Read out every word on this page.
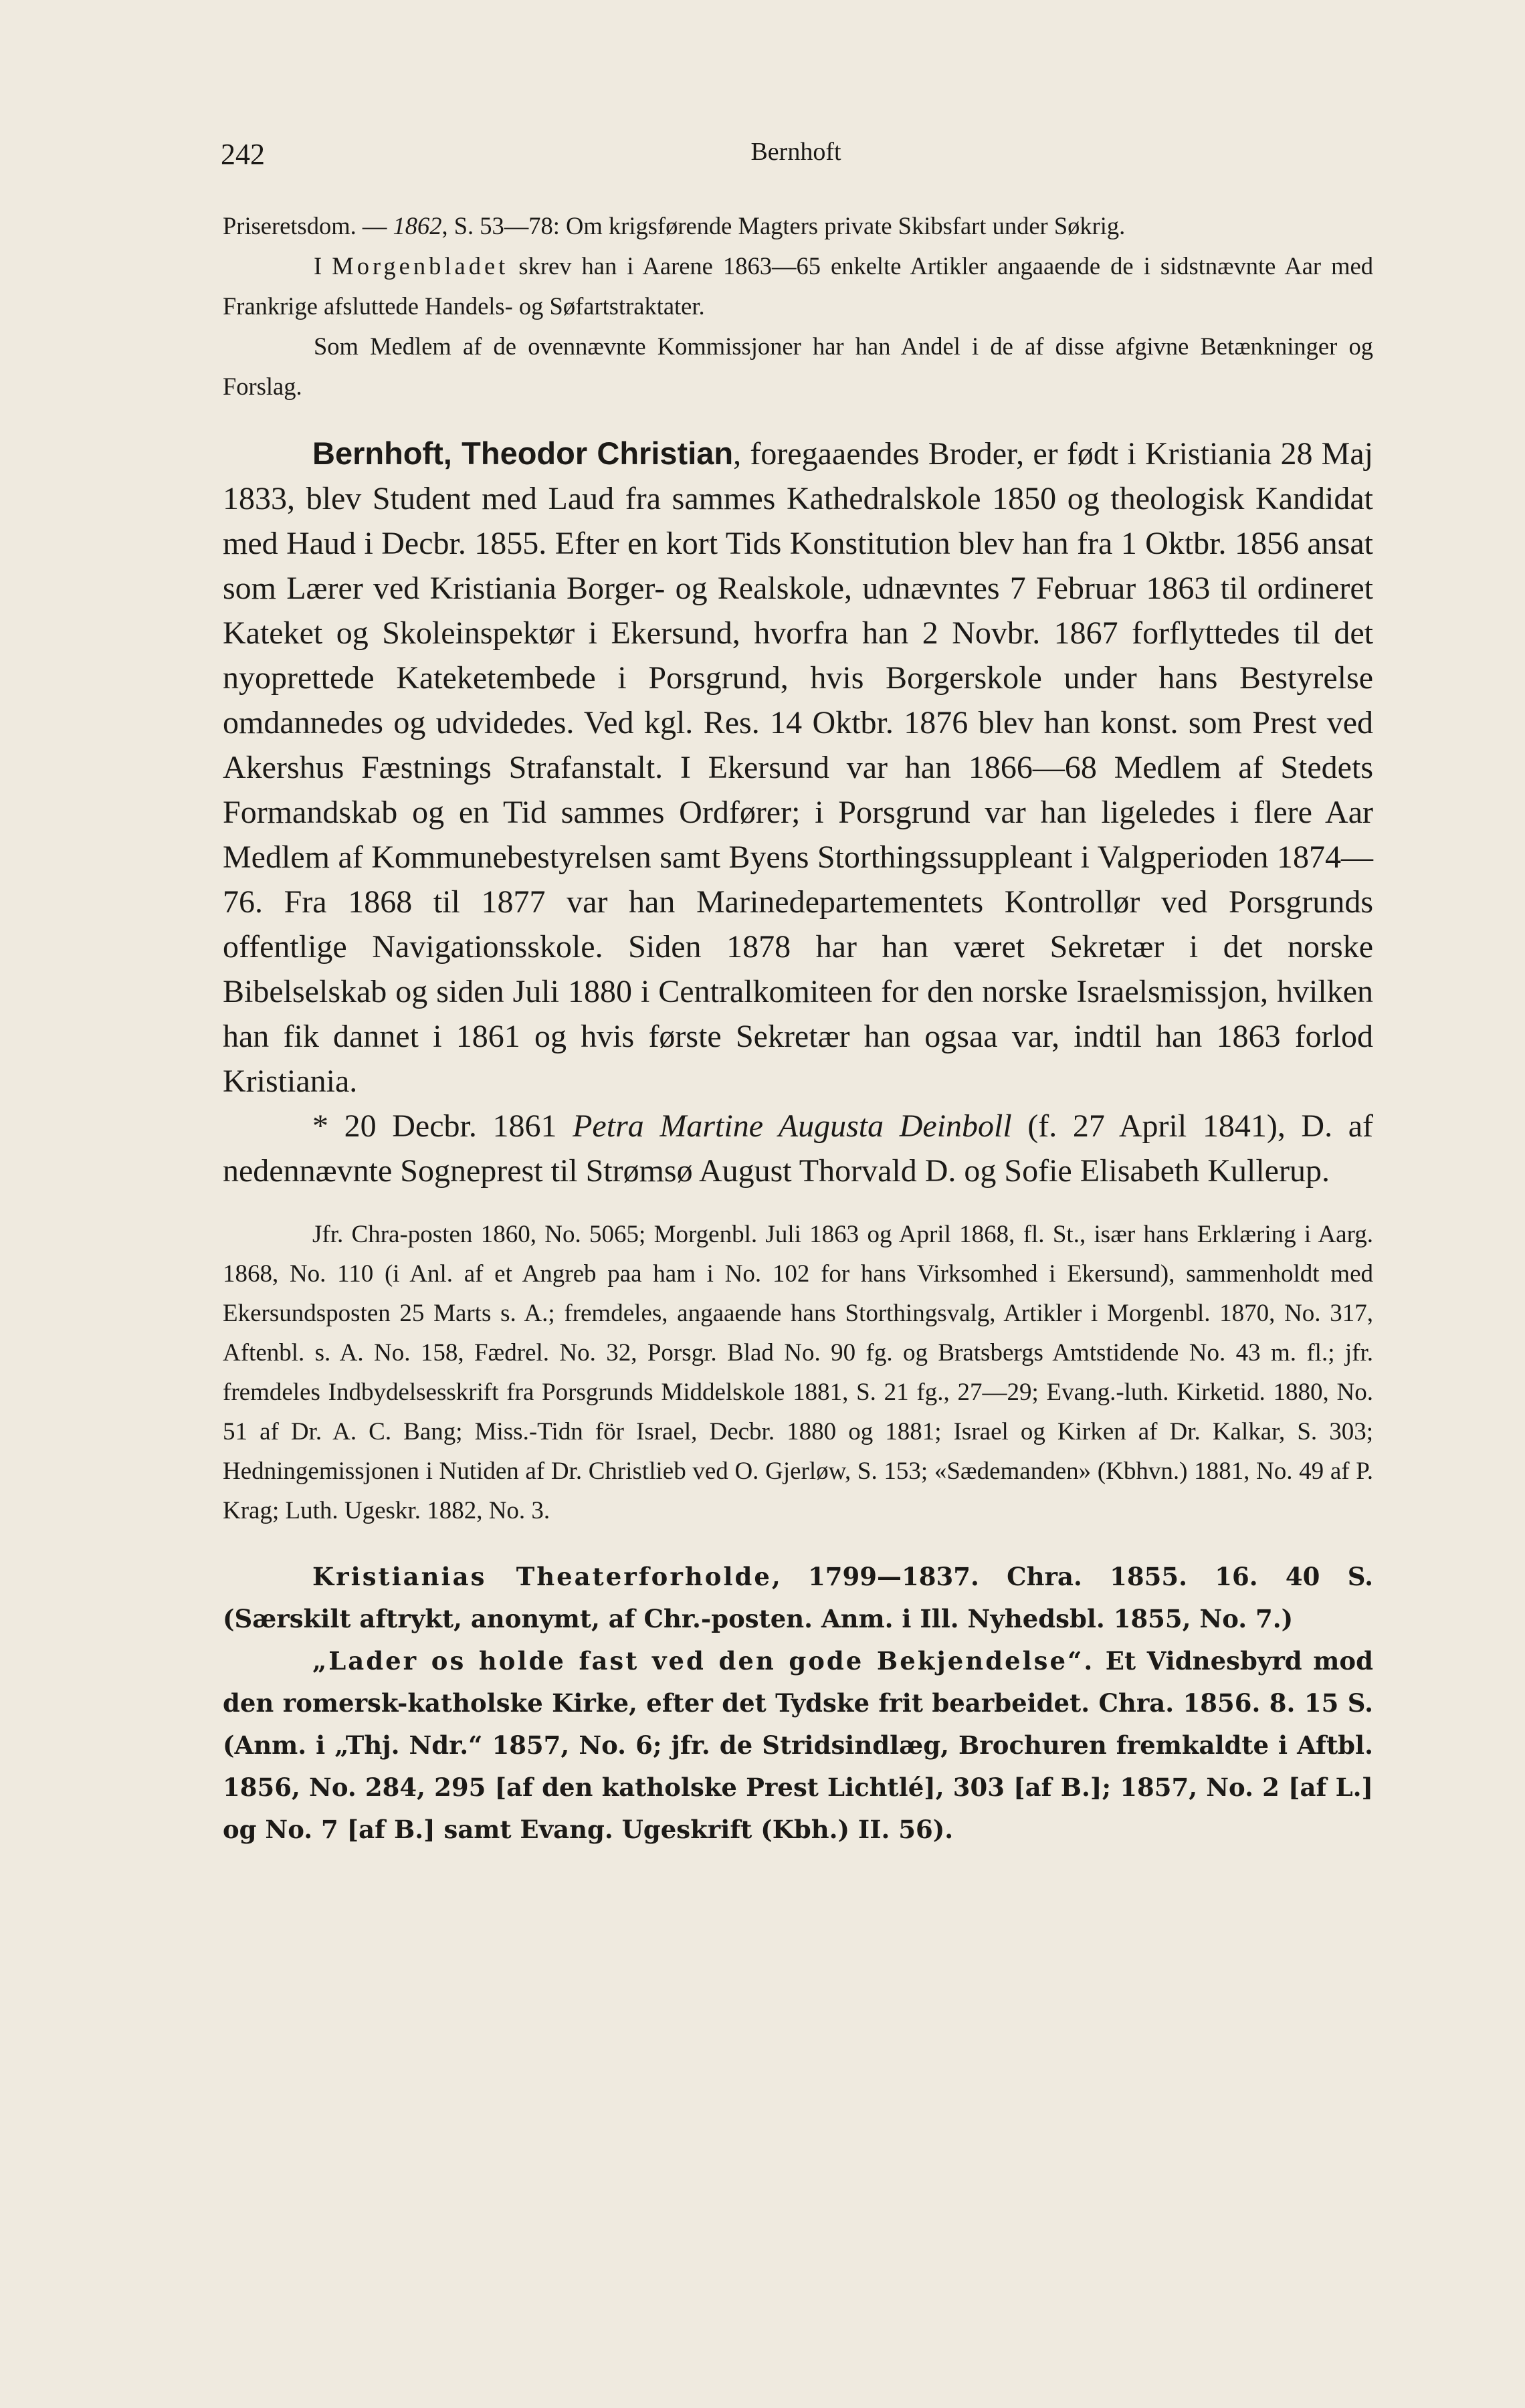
242	Bernhoft

Priseretsdom. — 1862, S. 53—78: Om krigsførende Magters private Skibsfart under Søkrig.

I Morgenbladet skrev han i Aarene 1863—65 enkelte Artikler angaaende de i sidstnævnte Aar med Frankrige afsluttede Handels- og Søfartstraktater.

Som Medlem af de ovennævnte Kommissjoner har han Andel i de af disse afgivne Betænkninger og Forslag.

Bernhoft, Theodor Christian, foregaaendes Broder, er født i Kristiania 28 Maj 1833, blev Student med Laud fra sammes Kathedralskole 1850 og theologisk Kandidat med Haud i Decbr. 1855. Efter en kort Tids Konstitution blev han fra 1 Oktbr. 1856 ansat som Lærer ved Kristiania Borger- og Realskole, udnævntes 7 Februar 1863 til ordineret Kateket og Skoleinspektør i Ekersund, hvorfra han 2 Novbr. 1867 forflyttedes til det nyoprettede Kateketembede i Porsgrund, hvis Borgerskole under hans Bestyrelse omdannedes og udvidedes. Ved kgl. Res. 14 Oktbr. 1876 blev han konst. som Prest ved Akershus Fæstnings Strafanstalt. I Ekersund var han 1866—68 Medlem af Stedets Formandskab og en Tid sammes Ordfører; i Porsgrund var han ligeledes i flere Aar Medlem af Kommunebestyrelsen samt Byens Storthingssuppleant i Valgperioden 1874—76. Fra 1868 til 1877 var han Marinedepartementets Kontrollør ved Porsgrunds offentlige Navigationsskole. Siden 1878 har han været Sekretær i det norske Bibelselskab og siden Juli 1880 i Centralkomiteen for den norske Israelsmissjon, hvilken han fik dannet i 1861 og hvis første Sekretær han ogsaa var, indtil han 1863 forlod Kristiania.

* 20 Decbr. 1861 Petra Martine Augusta Deinboll (f. 27 April 1841), D. af nedennævnte Sogneprest til Strømsø August Thorvald D. og Sofie Elisabeth Kullerup.

Jfr. Chra-posten 1860, No. 5065; Morgenbl. Juli 1863 og April 1868, fl. St., især hans Erklæring i Aarg. 1868, No. 110 (i Anl. af et Angreb paa ham i No. 102 for hans Virksomhed i Ekersund), sammenholdt med Ekersundsposten 25 Marts s. A.; fremdeles, angaaende hans Storthingsvalg, Artikler i Morgenbl. 1870, No. 317, Aftenbl. s. A. No. 158, Fædrel. No. 32, Porsgr. Blad No. 90 fg. og Bratsbergs Amtstidende No. 43 m. fl.; jfr. fremdeles Indbydelsesskrift fra Porsgrunds Middelskole 1881, S. 21 fg., 27—29; Evang.-luth. Kirketid. 1880, No. 51 af Dr. A. C. Bang; Miss.-Tidn för Israel, Decbr. 1880 og 1881; Israel og Kirken af Dr. Kalkar, S. 303; Hedningemissjonen i Nutiden af Dr. Christlieb ved O. Gjerløw, S. 153; «Sædemanden» (Kbhvn.) 1881, No. 49 af P. Krag; Luth. Ugeskr. 1882, No. 3.

Kristianias Theaterforholde, 1799—1837. Chra. 1855. 16. 40 S. (Særskilt aftrykt, anonymt, af Chr.-posten. Anm. i Ill. Nyhedsbl. 1855, No. 7.)

„Lader os holde fast ved den gode Bekjendelse“. Et Vidnesbyrd mod den romersk-katholske Kirke, efter det Tydske frit bearbeidet. Chra. 1856. 8. 15 S. (Anm. i „Thj. Ndr.“ 1857, No. 6; jfr. de Stridsindlæg, Brochuren fremkaldte i Aftbl. 1856, No. 284, 295 [af den katholske Prest Lichtlé], 303 [af B.]; 1857, No. 2 [af L.] og No. 7 [af B.] samt Evang. Ugeskrift (Kbh.) II. 56).
